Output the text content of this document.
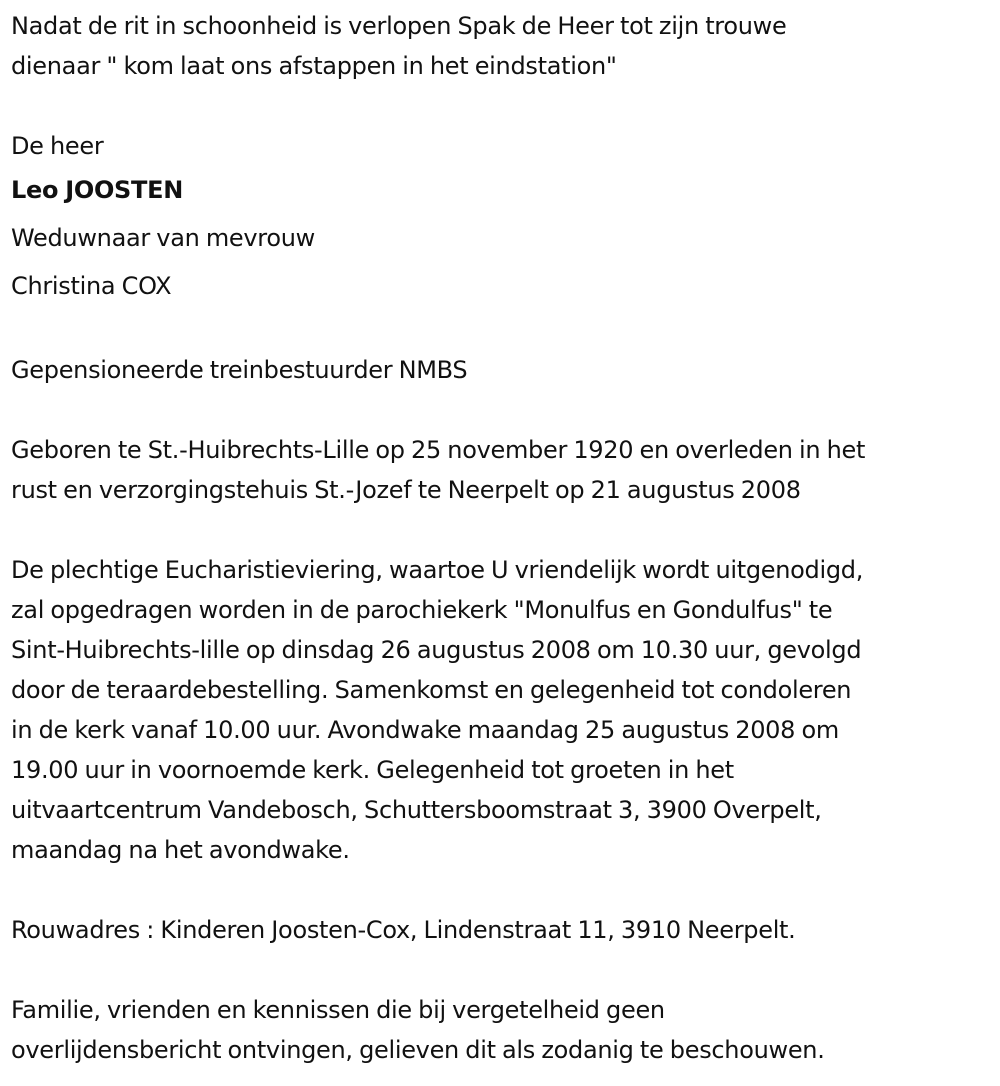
Nadat de rit in schoonheid is verlopen Spak de Heer tot zijn trouwe

dienaar " kom laat ons afstappen in het eindstation"

De heer

Leo JOOSTEN

Weduwnaar van mevrouw

Christina COX

Gepensioneerde treinbestuurder NMBS

Geboren te St.-Huibrechts-Lille op 25 november 1920 en overleden in het

rust en verzorgingstehuis St.-Jozef te Neerpelt op 21 augustus 2008

De plechtige Eucharistieviering, waartoe U vriendelijk wordt uitgenodigd,

zal opgedragen worden in de parochiekerk "Monulfus en Gondulfus" te

Sint-Huibrechts-lille op dinsdag 26 augustus 2008 om 10.30 uur, gevolgd

door de teraardebestelling. Samenkomst en gelegenheid tot condoleren

in de kerk vanaf 10.00 uur. Avondwake maandag 25 augustus 2008 om

19.00 uur in voornoemde kerk. Gelegenheid tot groeten in het

uitvaartcentrum Vandebosch, Schuttersboomstraat 3, 3900 Overpelt,

maandag na het avondwake.

Rouwadres : Kinderen Joosten-Cox, Lindenstraat 11, 3910 Neerpelt.

Familie, vrienden en kennissen die bij vergetelheid geen

overlijdensbericht ontvingen, gelieven dit als zodanig te beschouwen.
